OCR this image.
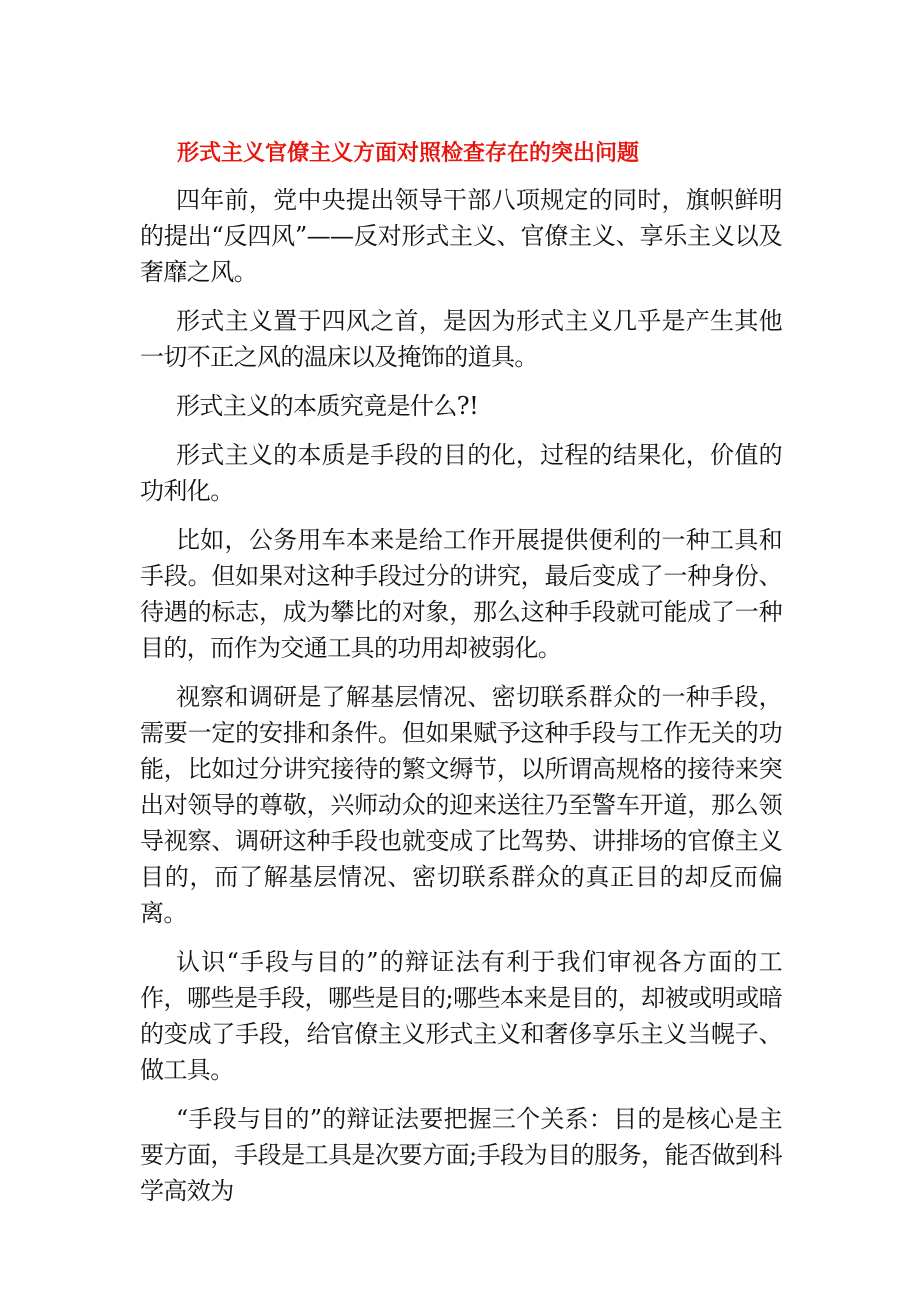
形式主义官僚主义方面对照检查存在的突出问题

四年前，党中央提出领导干部八项规定的同时，旗帜鲜明的提出“反四风”——反对形式主义、官僚主义、享乐主义以及奢靡之风。

形式主义置于四风之首，是因为形式主义几乎是产生其他一切不正之风的温床以及掩饰的道具。

形式主义的本质究竟是什么?!

形式主义的本质是手段的目的化，过程的结果化，价值的功利化。

比如，公务用车本来是给工作开展提供便利的一种工具和手段。但如果对这种手段过分的讲究，最后变成了一种身份、待遇的标志，成为攀比的对象，那么这种手段就可能成了一种目的，而作为交通工具的功用却被弱化。

视察和调研是了解基层情况、密切联系群众的一种手段，需要一定的安排和条件。但如果赋予这种手段与工作无关的功能，比如过分讲究接待的繁文缛节，以所谓高规格的接待来突出对领导的尊敬，兴师动众的迎来送往乃至警车开道，那么领导视察、调研这种手段也就变成了比驾势、讲排场的官僚主义目的，而了解基层情况、密切联系群众的真正目的却反而偏离。

认识“手段与目的”的辩证法有利于我们审视各方面的工作，哪些是手段，哪些是目的;哪些本来是目的，却被或明或暗的变成了手段，给官僚主义形式主义和奢侈享乐主义当幌子、做工具。

“手段与目的”的辩证法要把握三个关系：目的是核心是主要方面，手段是工具是次要方面;手段为目的服务，能否做到科学高效为
